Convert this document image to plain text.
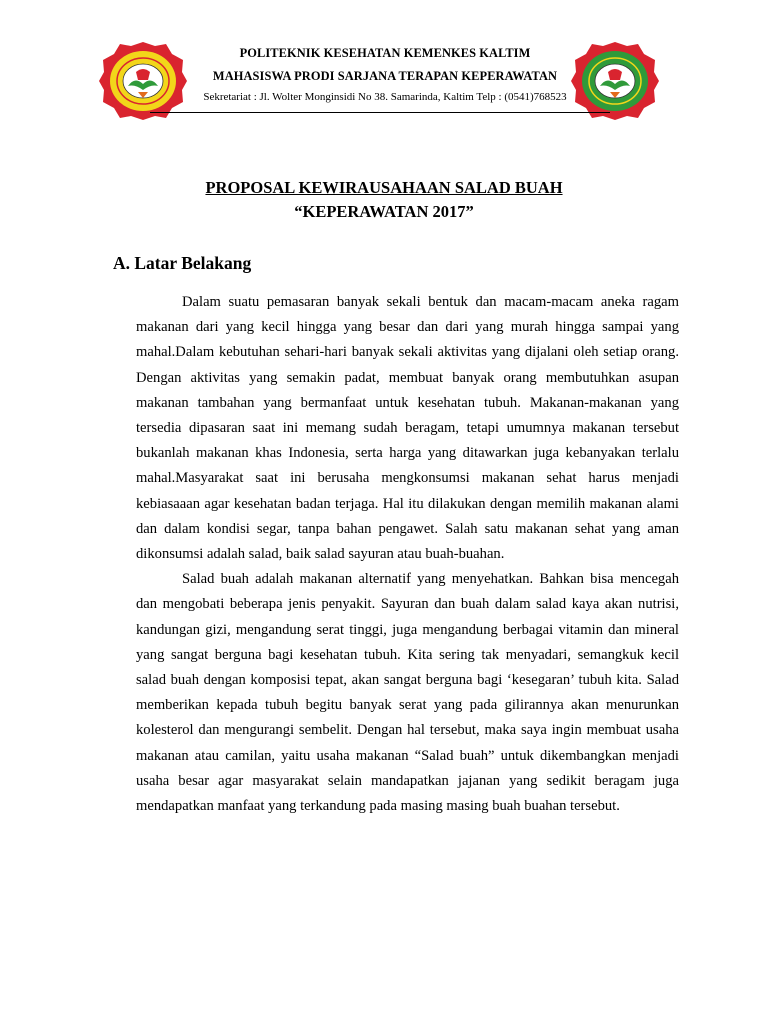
POLITEKNIK KESEHATAN KEMENKES KALTIM
MAHASISWA PRODI SARJANA TERAPAN KEPERAWATAN
Sekretariat : Jl. Wolter Monginsidi No 38. Samarinda, Kaltim Telp : (0541)768523
PROPOSAL KEWIRAUSAHAAN SALAD BUAH
“KEPERAWATAN 2017”
A. Latar Belakang

Dalam suatu pemasaran banyak sekali bentuk dan macam-macam aneka ragam makanan dari yang kecil hingga yang besar dan dari yang murah hingga sampai yang mahal.Dalam kebutuhan sehari-hari banyak sekali aktivitas yang dijalani oleh setiap orang. Dengan aktivitas yang semakin padat, membuat banyak orang membutuhkan asupan makanan tambahan yang bermanfaat untuk kesehatan tubuh. Makanan-makanan yang tersedia dipasaran saat ini memang sudah beragam, tetapi umumnya makanan tersebut bukanlah makanan khas Indonesia, serta harga yang ditawarkan juga kebanyakan terlalu mahal.Masyarakat saat ini berusaha mengkonsumsi makanan sehat harus menjadi kebiasaaan agar kesehatan badan terjaga. Hal itu dilakukan dengan memilih makanan alami dan dalam kondisi segar, tanpa bahan pengawet. Salah satu makanan sehat yang aman dikonsumsi adalah salad, baik salad sayuran atau buah-buahan.

Salad buah adalah makanan alternatif yang menyehatkan. Bahkan bisa mencegah dan mengobati beberapa jenis penyakit. Sayuran dan buah dalam salad kaya akan nutrisi, kandungan gizi, mengandung serat tinggi, juga mengandung berbagai vitamin dan mineral yang sangat berguna bagi kesehatan tubuh. Kita sering tak menyadari, semangkuk kecil salad buah dengan komposisi tepat, akan sangat berguna bagi ‘kesegaran’ tubuh kita. Salad memberikan kepada tubuh begitu banyak serat yang pada gilirannya akan menurunkan kolesterol dan mengurangi sembelit. Dengan hal tersebut, maka saya ingin membuat usaha makanan atau camilan, yaitu usaha makanan “Salad buah” untuk dikembangkan menjadi usaha besar agar masyarakat selain mandapatkan jajanan yang sedikit beragam juga mendapatkan manfaat yang terkandung pada masing masing buah buahan tersebut.
